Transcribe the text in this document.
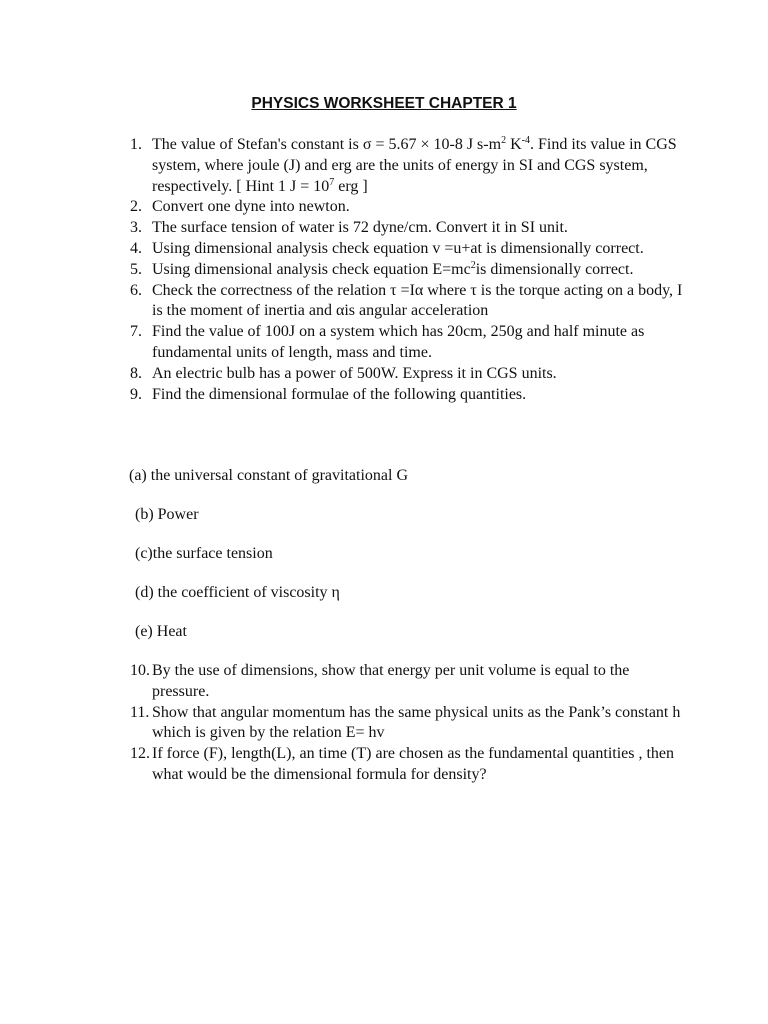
PHYSICS WORKSHEET CHAPTER 1
1. The value of Stefan's constant is σ = 5.67 × 10-8 J $s-m^2$ $K^{-4}$. Find its value in CGS system, where joule (J) and erg are the units of energy in SI and CGS system, respectively. [ Hint 1 $J = 10^7$ erg ]
2. Convert one dyne into newton.
3. The surface tension of water is 72 dyne/cm. Convert it in SI unit.
4. Using dimensional analysis check equation v =u+at is dimensionally correct.
5. Using dimensional analysis check equation $E=mc^2is$ dimensionally correct.
6. Check the correctness of the relation τ =Iα where τ is the torque acting on a body, I is the moment of inertia and αis angular acceleration
7. Find the value of 100J on a system which has 20cm, 250g and half minute as fundamental units of length, mass and time.
8. An electric bulb has a power of 500W. Express it in CGS units.
9. Find the dimensional formulae of the following quantities.
(a) the universal constant of gravitational G
(b) Power
(c)the surface tension
(d) the coefficient of viscosity η
(e) Heat
10. By the use of dimensions, show that energy per unit volume is equal to the pressure.
11. Show that angular momentum has the same physical units as the Pank’s constant h which is given by the relation E= hv
12. If force (F), length(L), an time (T) are chosen as the fundamental quantities , then what would be the dimensional formula for density?
